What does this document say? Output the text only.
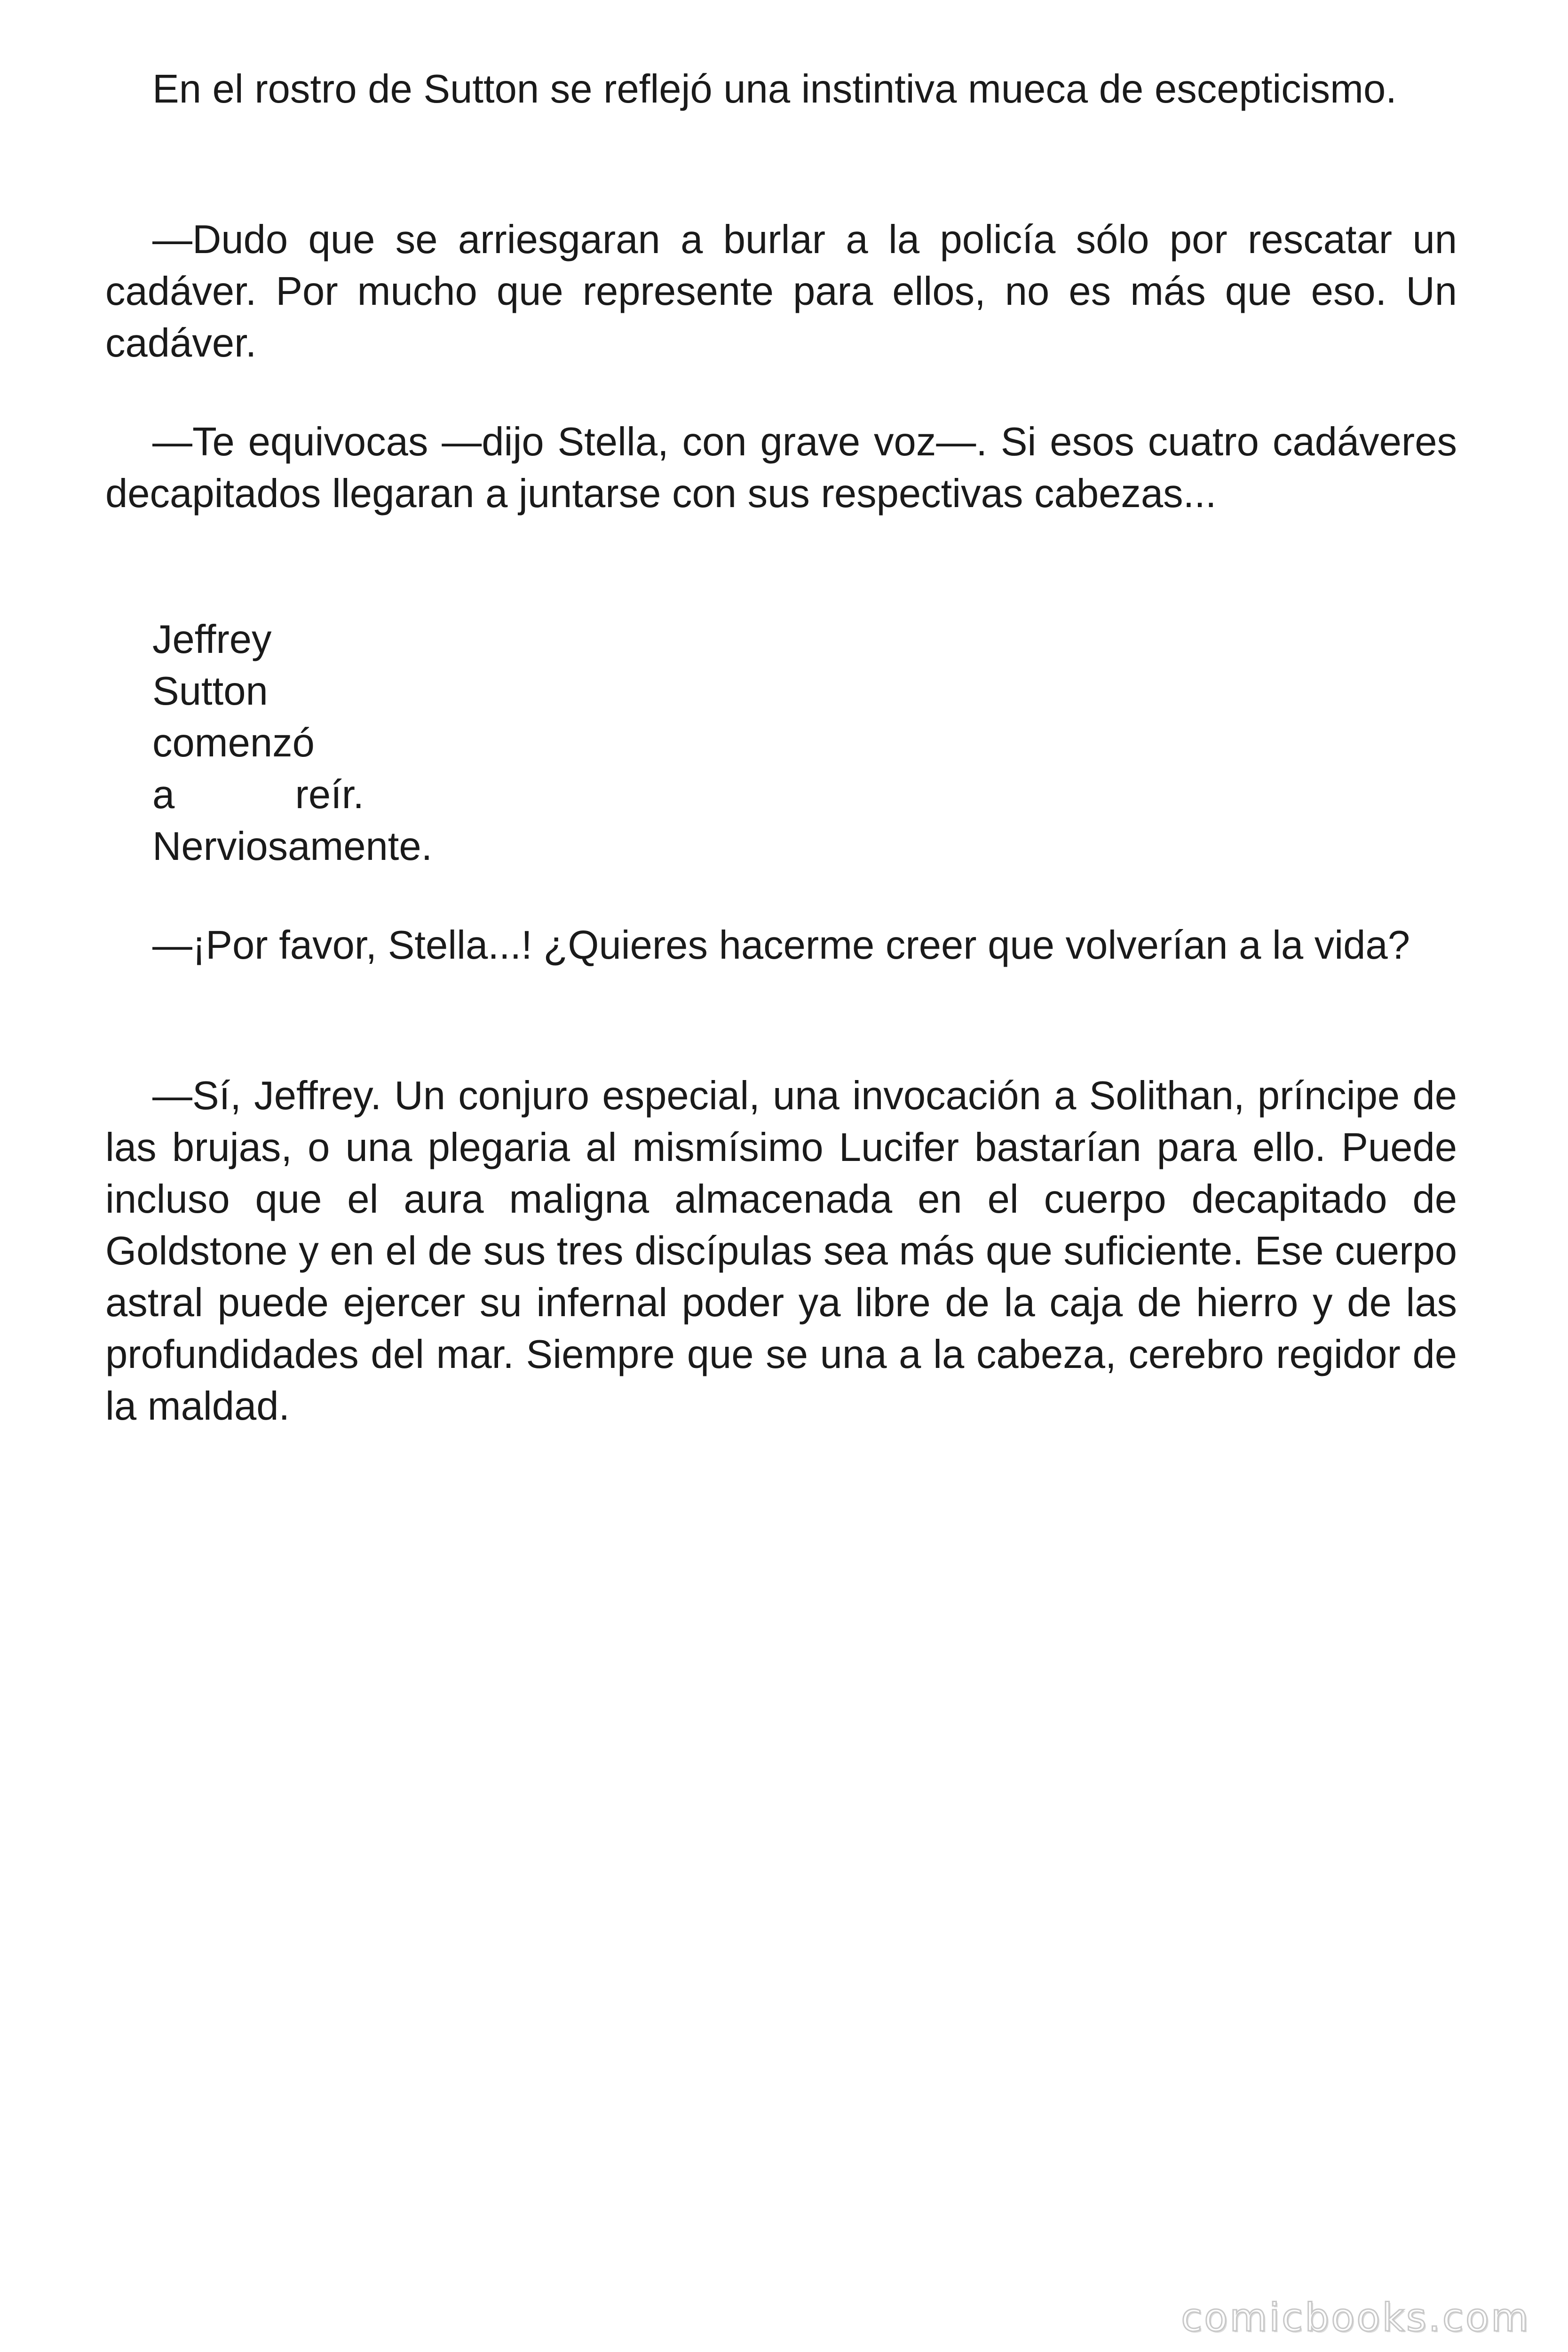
En el rostro de Sutton se reflejó una instintiva mueca de escepticismo.

—Dudo que se arriesgaran a burlar a la policía sólo por rescatar un cadáver. Por mucho que represente para ellos, no es más que eso. Un cadáver.

—Te equivocas —dijo Stella, con grave voz—. Si esos cuatro cadáveres decapitados llegaran a juntarse con sus respectivas cabezas...

Jeffrey
Sutton
comenzó
a reír.
Nerviosamente.

—¡Por favor, Stella...! ¿Quieres hacerme creer que volverían a la vida?

—Sí, Jeffrey. Un conjuro especial, una invocación a Solithan, príncipe de las brujas, o una plegaria al mismísimo Lucifer bastarían para ello. Puede incluso que el aura maligna almacenada en el cuerpo decapitado de Goldstone y en el de sus tres discípulas sea más que suficiente. Ese cuerpo astral puede ejercer su infernal poder ya libre de la caja de hierro y de las profundidades del mar. Siempre que se una a la cabeza, cerebro regidor de la maldad.

comicbooks.com
